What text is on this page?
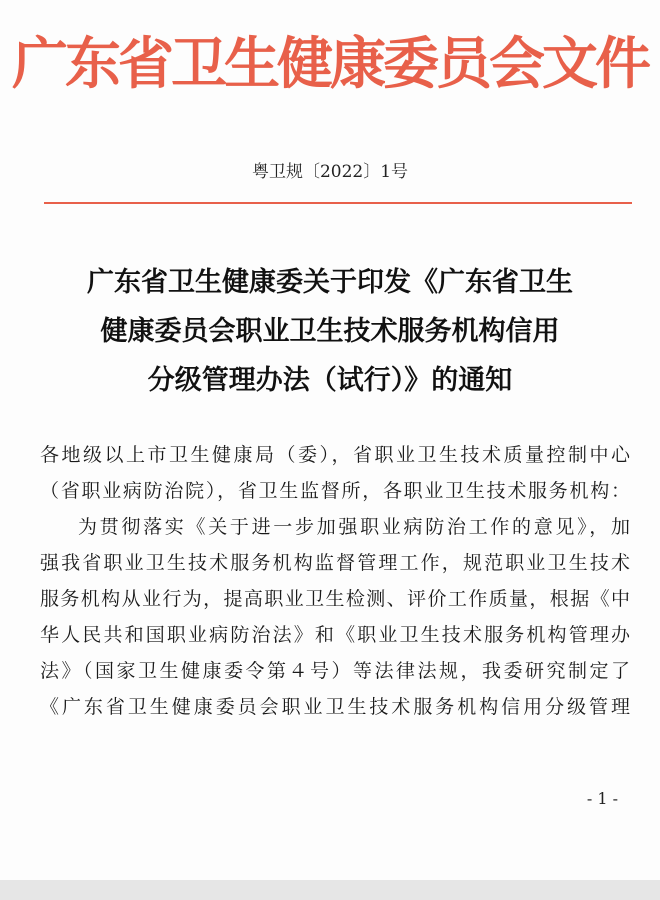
广东省卫生健康委员会文件
粤卫规〔2022〕1号
广东省卫生健康委关于印发《广东省卫生
健康委员会职业卫生技术服务机构信用
分级管理办法（试行）》的通知

各地级以上市卫生健康局（委），省职业卫生技术质量控制中心

（省职业病防治院），省卫生监督所，各职业卫生技术服务机构：

为贯彻落实《关于进一步加强职业病防治工作的意见》，加

强我省职业卫生技术服务机构监督管理工作，规范职业卫生技术

服务机构从业行为，提高职业卫生检测、评价工作质量，根据《中

华人民共和国职业病防治法》和《职业卫生技术服务机构管理办

法》（国家卫生健康委令第４号）等法律法规，我委研究制定了

《广东省卫生健康委员会职业卫生技术服务机构信用分级管理

- 1 -
